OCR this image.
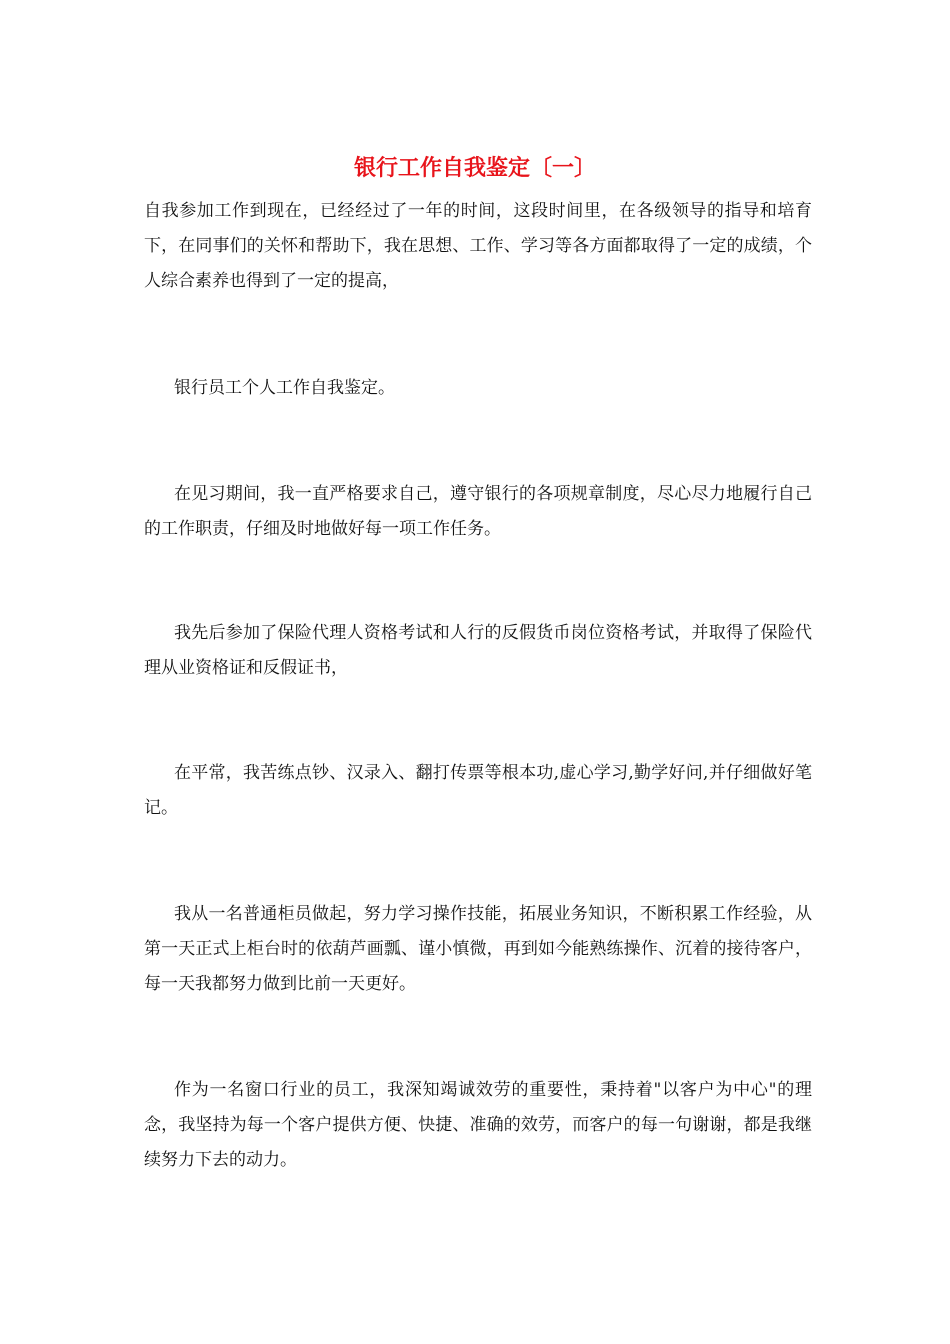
银行工作自我鉴定〔一〕

自我参加工作到现在，已经经过了一年的时间，这段时间里，在各级领导的指导和培育下，在同事们的关怀和帮助下，我在思想、工作、学习等各方面都取得了一定的成绩，个人综合素养也得到了一定的提高，

银行员工个人工作自我鉴定。

在见习期间，我一直严格要求自己，遵守银行的各项规章制度，尽心尽力地履行自己的工作职责，仔细及时地做好每一项工作任务。

我先后参加了保险代理人资格考试和人行的反假货币岗位资格考试，并取得了保险代理从业资格证和反假证书，

在平常，我苦练点钞、汉录入、翻打传票等根本功,虚心学习,勤学好问,并仔细做好笔记。

我从一名普通柜员做起，努力学习操作技能，拓展业务知识，不断积累工作经验，从第一天正式上柜台时的依葫芦画瓢、谨小慎微，再到如今能熟练操作、沉着的接待客户，每一天我都努力做到比前一天更好。

作为一名窗口行业的员工，我深知竭诚效劳的重要性，秉持着"以客户为中心"的理念，我坚持为每一个客户提供方便、快捷、准确的效劳，而客户的每一句谢谢，都是我继续努力下去的动力。
